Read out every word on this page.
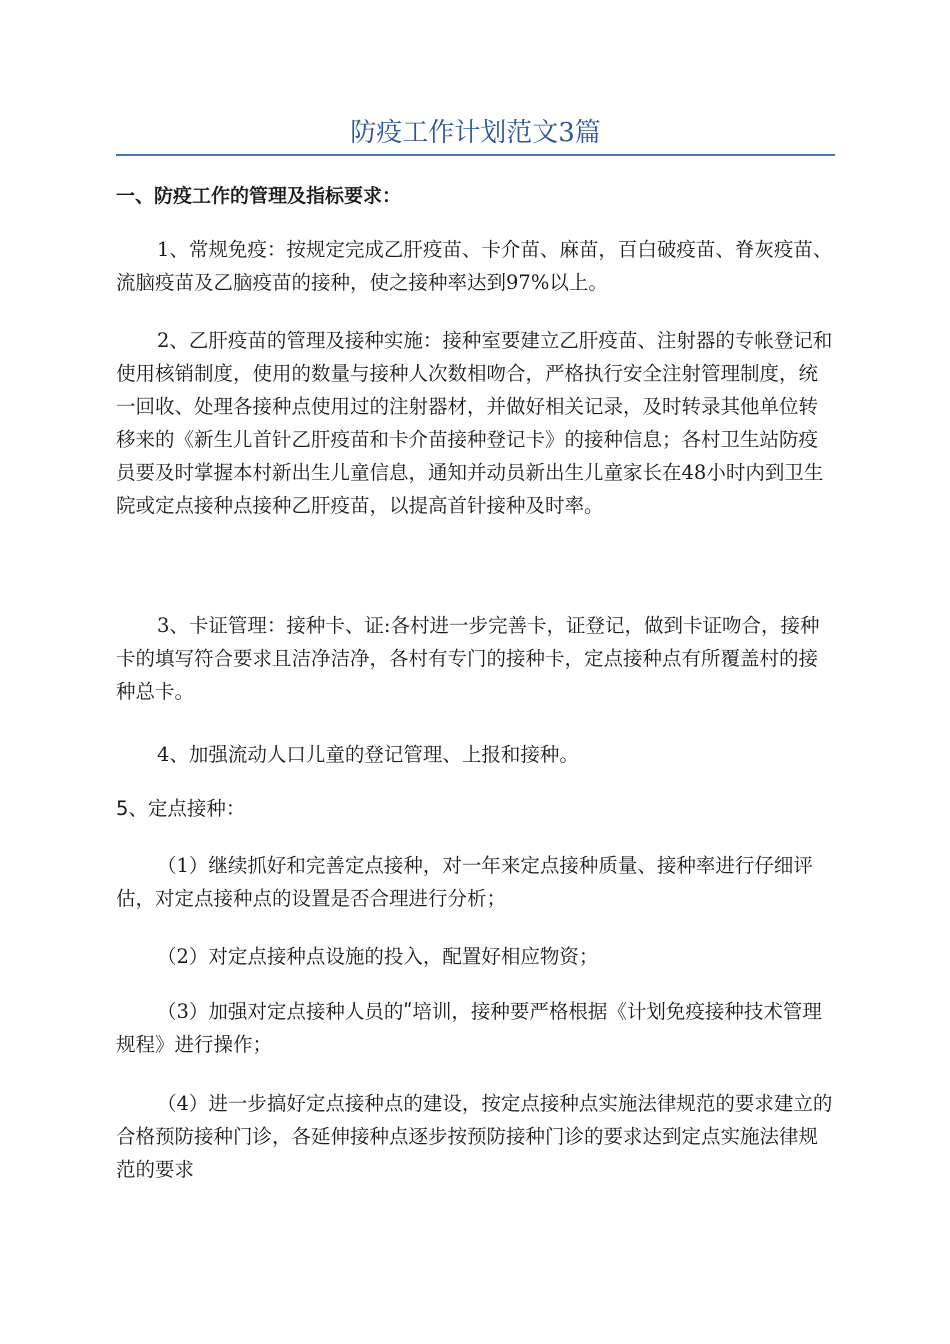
防疫工作计划范文3篇

一、防疫工作的管理及指标要求：

1、常规免疫：按规定完成乙肝疫苗、卡介苗、麻苗，百白破疫苗、脊灰疫苗、流脑疫苗及乙脑疫苗的接种，使之接种率达到97%以上。

2、乙肝疫苗的管理及接种实施：接种室要建立乙肝疫苗、注射器的专帐登记和使用核销制度，使用的数量与接种人次数相吻合，严格执行安全注射管理制度，统一回收、处理各接种点使用过的注射器材，并做好相关记录，及时转录其他单位转移来的《新生儿首针乙肝疫苗和卡介苗接种登记卡》的接种信息；各村卫生站防疫员要及时掌握本村新出生儿童信息，通知并动员新出生儿童家长在48小时内到卫生院或定点接种点接种乙肝疫苗，以提高首针接种及时率。

3、卡证管理：接种卡、证:各村进一步完善卡，证登记，做到卡证吻合，接种卡的填写符合要求且洁净洁净，各村有专门的接种卡，定点接种点有所覆盖村的接种总卡。

4、加强流动人口儿童的登记管理、上报和接种。

5、定点接种：

（1）继续抓好和完善定点接种，对一年来定点接种质量、接种率进行仔细评估，对定点接种点的设置是否合理进行分析；

（2）对定点接种点设施的投入，配置好相应物资；

（3）加强对定点接种人员的ʺ培训，接种要严格根据《计划免疫接种技术管理规程》进行操作；

（4）进一步搞好定点接种点的建设，按定点接种点实施法律规范的要求建立的合格预防接种门诊，各延伸接种点逐步按预防接种门诊的要求达到定点实施法律规范的要求
